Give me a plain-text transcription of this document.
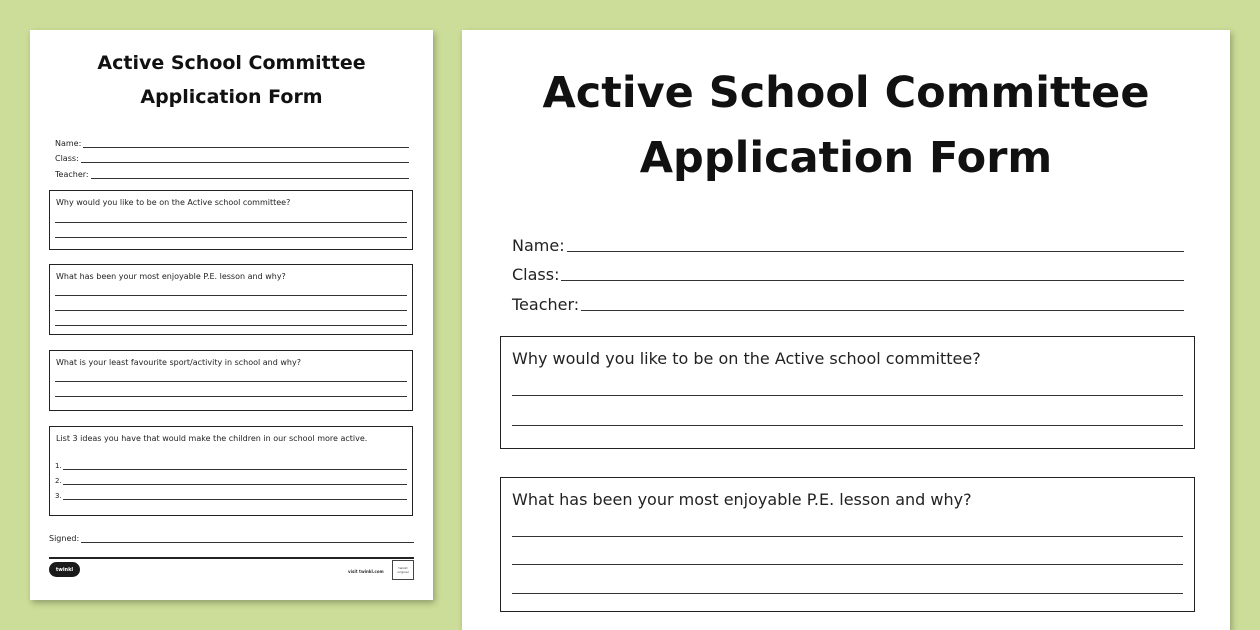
Active School Committee
Application Form
Name:
Class:
Teacher:
Why would you like to be on the Active school committee?
What has been your most enjoyable P.E. lesson and why?
What is your least favourite sport/activity in school and why?
List 3 ideas you have that would make the children in our school more active.
1.
2.
3.
Signed:
twinkl	visit twinkl.com
twinkl original
Active School Committee
Application Form
Name:
Class:
Teacher:
Why would you like to be on the Active school committee?
What has been your most enjoyable P.E. lesson and why?
